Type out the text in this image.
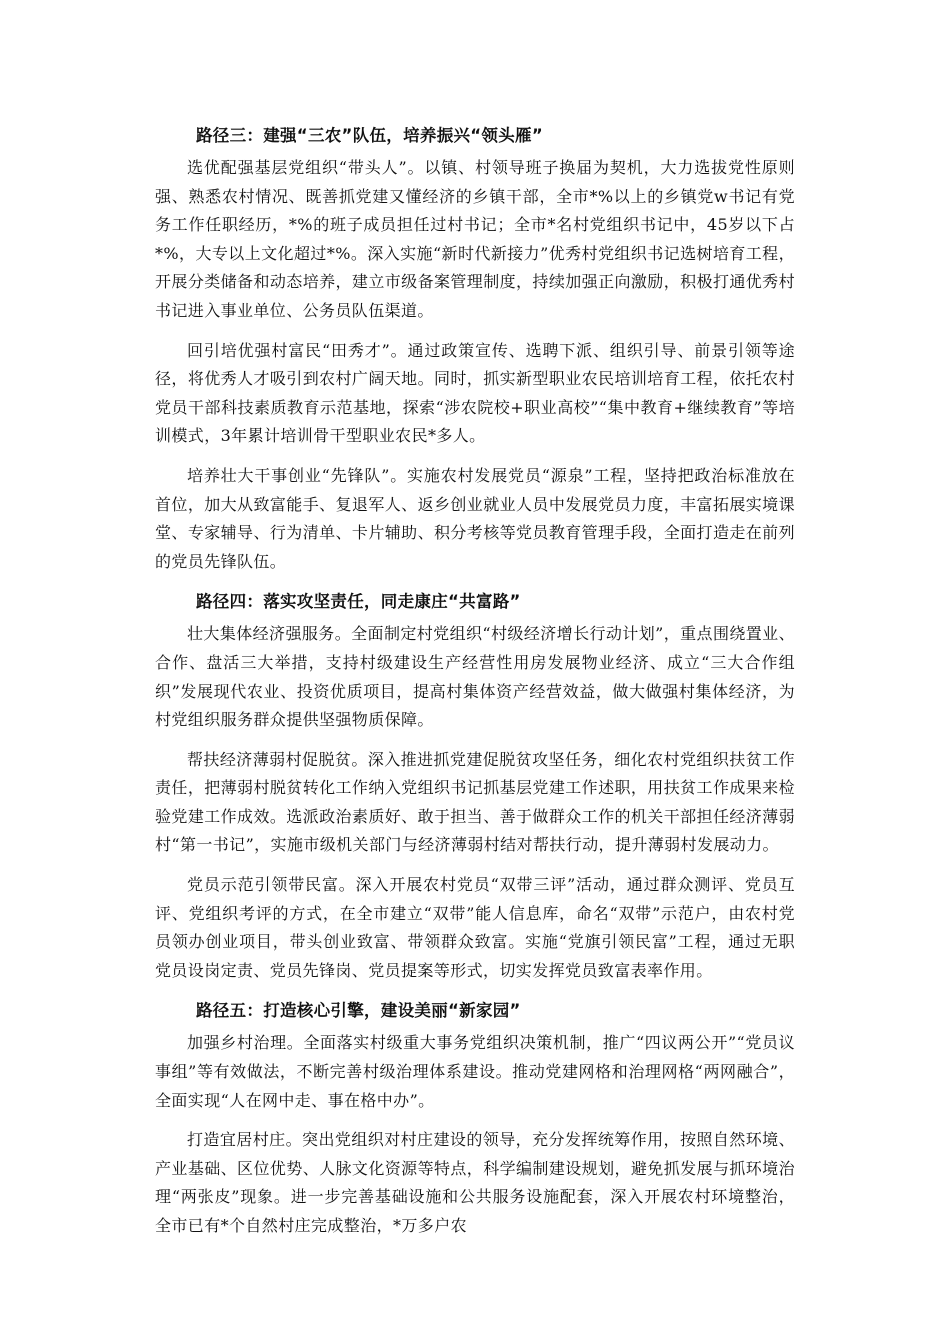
路径三：建强“三农”队伍，培养振兴“领头雁”

选优配强基层党组织“带头人”。以镇、村领导班子换届为契机，大力选拔党性原则强、熟悉农村情况、既善抓党建又懂经济的乡镇干部，全市*%以上的乡镇党w书记有党务工作任职经历，*%的班子成员担任过村书记；全市*名村党组织书记中，45岁以下占*%，大专以上文化超过*%。深入实施“新时代新接力”优秀村党组织书记选树培育工程，开展分类储备和动态培养，建立市级备案管理制度，持续加强正向激励，积极打通优秀村书记进入事业单位、公务员队伍渠道。

回引培优强村富民“田秀才”。通过政策宣传、选聘下派、组织引导、前景引领等途径，将优秀人才吸引到农村广阔天地。同时，抓实新型职业农民培训培育工程，依托农村党员干部科技素质教育示范基地，探索“涉农院校+职业高校”“集中教育+继续教育”等培训模式，3年累计培训骨干型职业农民*多人。

培养壮大干事创业“先锋队”。实施农村发展党员“源泉”工程，坚持把政治标准放在首位，加大从致富能手、复退军人、返乡创业就业人员中发展党员力度，丰富拓展实境课堂、专家辅导、行为清单、卡片辅助、积分考核等党员教育管理手段，全面打造走在前列的党员先锋队伍。

路径四：落实攻坚责任，同走康庄“共富路”

壮大集体经济强服务。全面制定村党组织“村级经济增长行动计划”，重点围绕置业、合作、盘活三大举措，支持村级建设生产经营性用房发展物业经济、成立“三大合作组织”发展现代农业、投资优质项目，提高村集体资产经营效益，做大做强村集体经济，为村党组织服务群众提供坚强物质保障。

帮扶经济薄弱村促脱贫。深入推进抓党建促脱贫攻坚任务，细化农村党组织扶贫工作责任，把薄弱村脱贫转化工作纳入党组织书记抓基层党建工作述职，用扶贫工作成果来检验党建工作成效。选派政治素质好、敢于担当、善于做群众工作的机关干部担任经济薄弱村“第一书记”，实施市级机关部门与经济薄弱村结对帮扶行动，提升薄弱村发展动力。

党员示范引领带民富。深入开展农村党员“双带三评”活动，通过群众测评、党员互评、党组织考评的方式，在全市建立“双带”能人信息库，命名“双带”示范户，由农村党员领办创业项目，带头创业致富、带领群众致富。实施“党旗引领民富”工程，通过无职党员设岗定责、党员先锋岗、党员提案等形式，切实发挥党员致富表率作用。

路径五：打造核心引擎，建设美丽“新家园”

加强乡村治理。全面落实村级重大事务党组织决策机制，推广“四议两公开”“党员议事组”等有效做法，不断完善村级治理体系建设。推动党建网格和治理网格“两网融合”，全面实现“人在网中走、事在格中办”。

打造宜居村庄。突出党组织对村庄建设的领导，充分发挥统筹作用，按照自然环境、产业基础、区位优势、人脉文化资源等特点，科学编制建设规划，避免抓发展与抓环境治理“两张皮”现象。进一步完善基础设施和公共服务设施配套，深入开展农村环境整治，全市已有*个自然村庄完成整治，*万多户农
